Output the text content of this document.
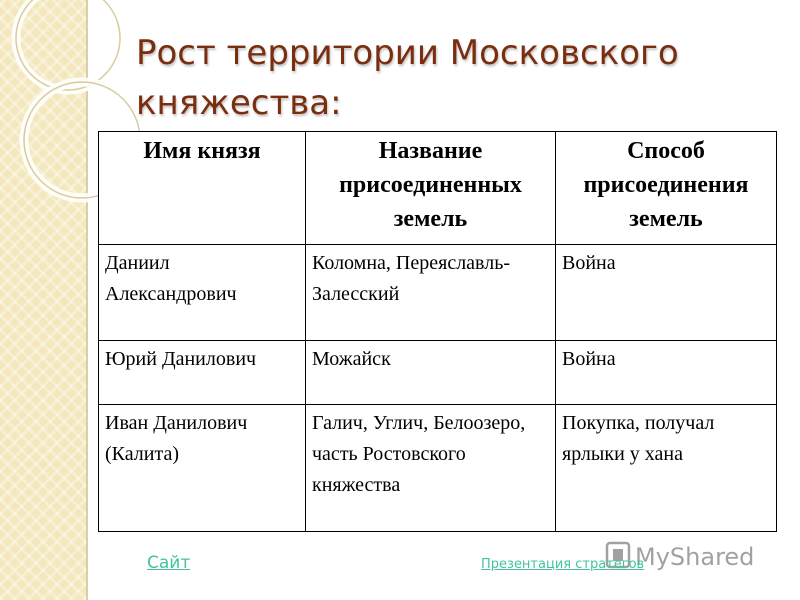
Рост территории Московского княжества:
Имя князя	Название присоединенных земель	Способ присоединения земель
Даниил Александрович	Коломна, Переяславль-Залесский	Война
Юрий Данилович	Можайск	Война
Иван Данилович (Калита)	Галич, Углич, Белоозеро, часть Ростовского княжества	Покупка, получал ярлыки у хана
MyShared
Сайт	Презентация стратегов
